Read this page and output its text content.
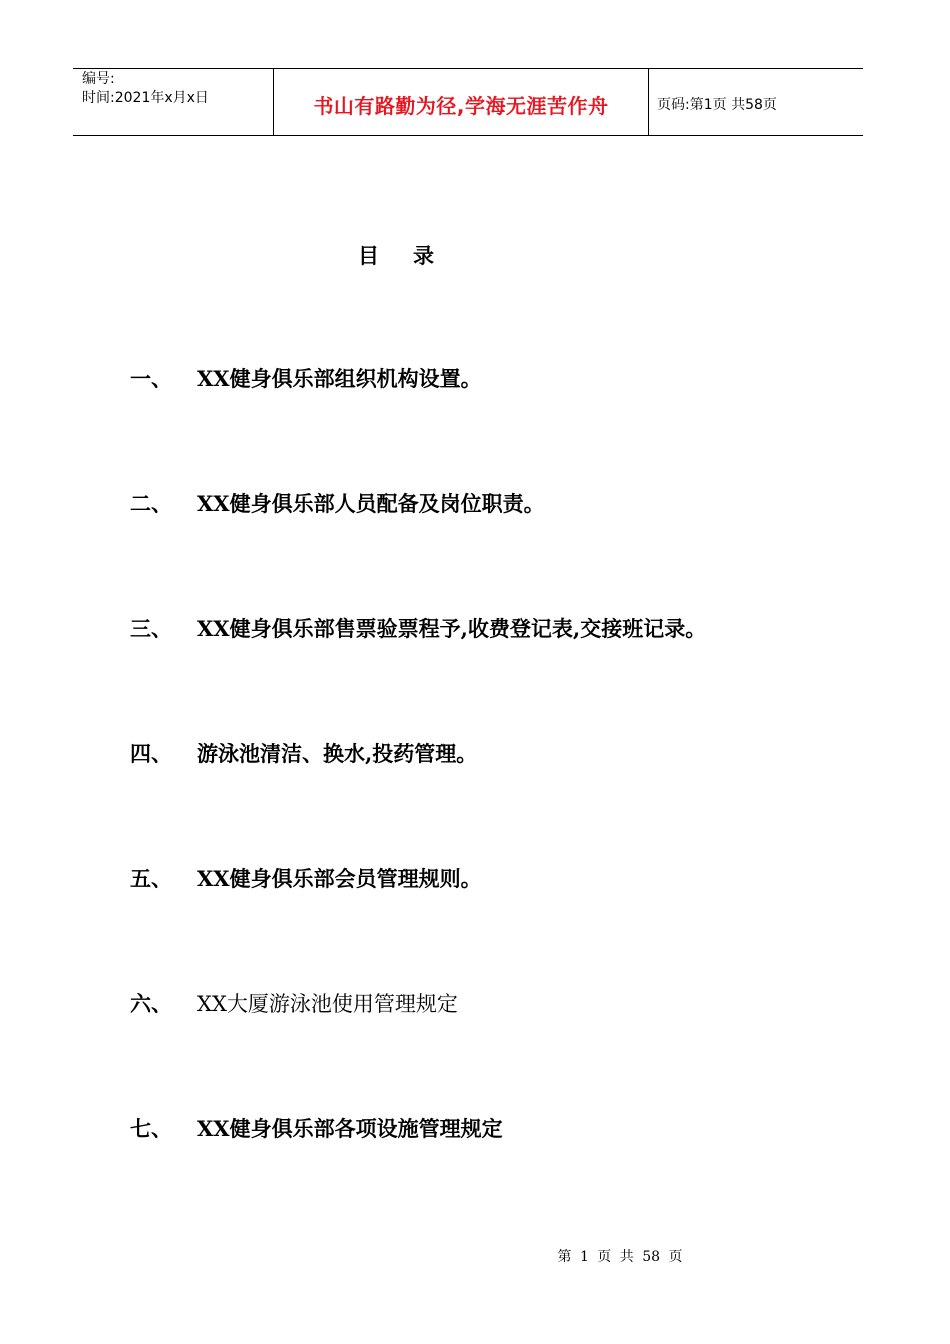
编号:
时间:2021年x月x日	书山有路勤为径,学海无涯苦作舟	页码:第1页 共58页
目录
一、	XX健身俱乐部组织机构设置。
二、	XX健身俱乐部人员配备及岗位职责。
三、	XX健身俱乐部售票验票程予,收费登记表,交接班记录。
四、	游泳池清洁、换水,投药管理。
五、	XX健身俱乐部会员管理规则。
六、	XX大厦游泳池使用管理规定
七、	XX健身俱乐部各项设施管理规定
第 1 页 共 58 页
